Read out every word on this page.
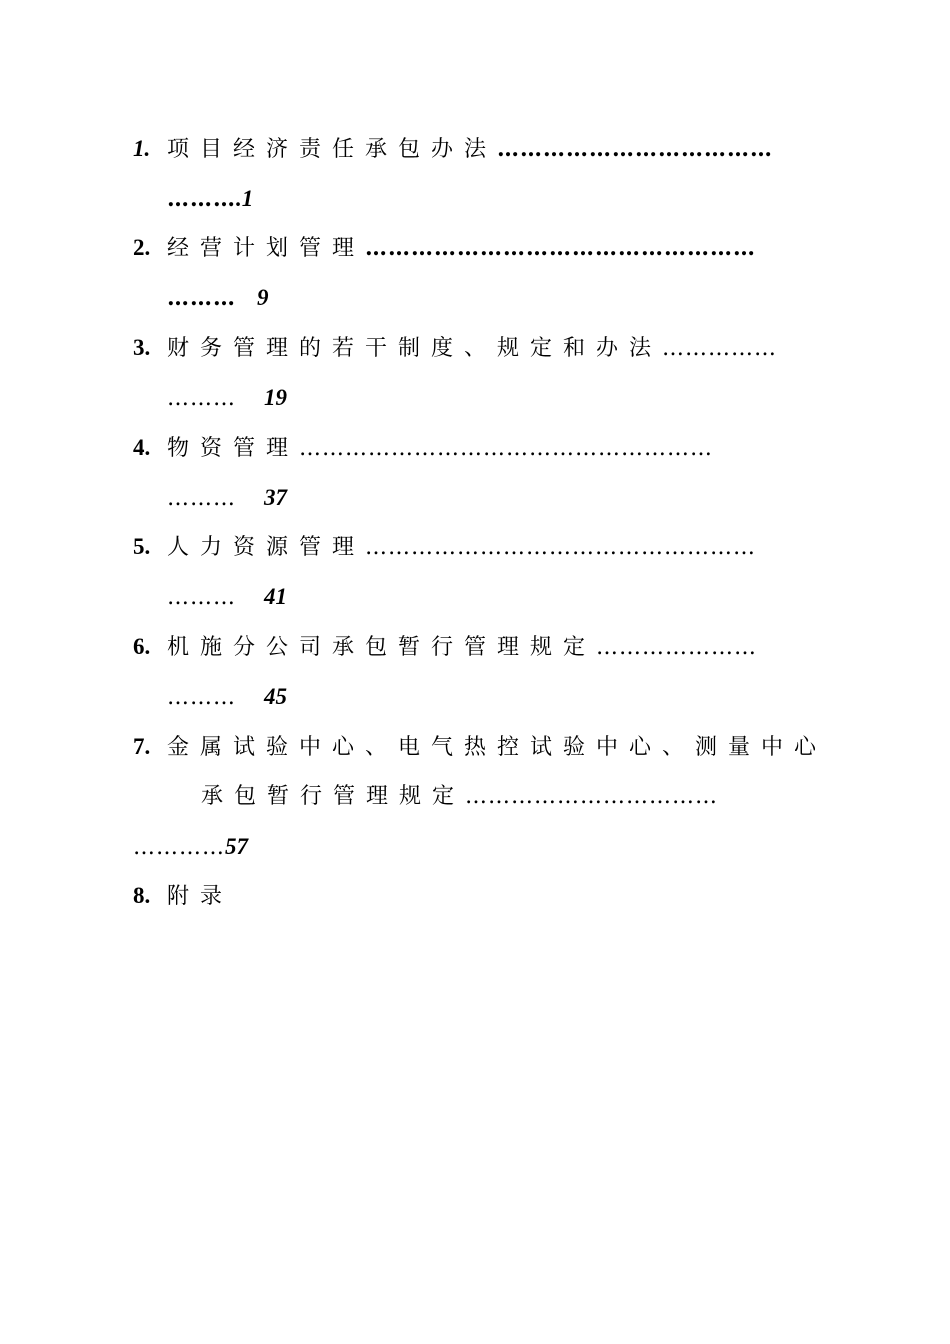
1. 项目经济责任承包办法………………………………
……….1
2. 经营计划管理……………………………………………
……… 9
3. 财务管理的若干制度、规定和办法……………
……… 19
4. 物资管理………………………………………………
……… 37
5. 人力资源管理……………………………………………
……… 41
6. 机施分公司承包暂行管理规定…………………
……… 45
7. 金属试验中心、电气热控试验中心、测量中心
承包暂行管理规定……………………………
…………57
8. 附录
